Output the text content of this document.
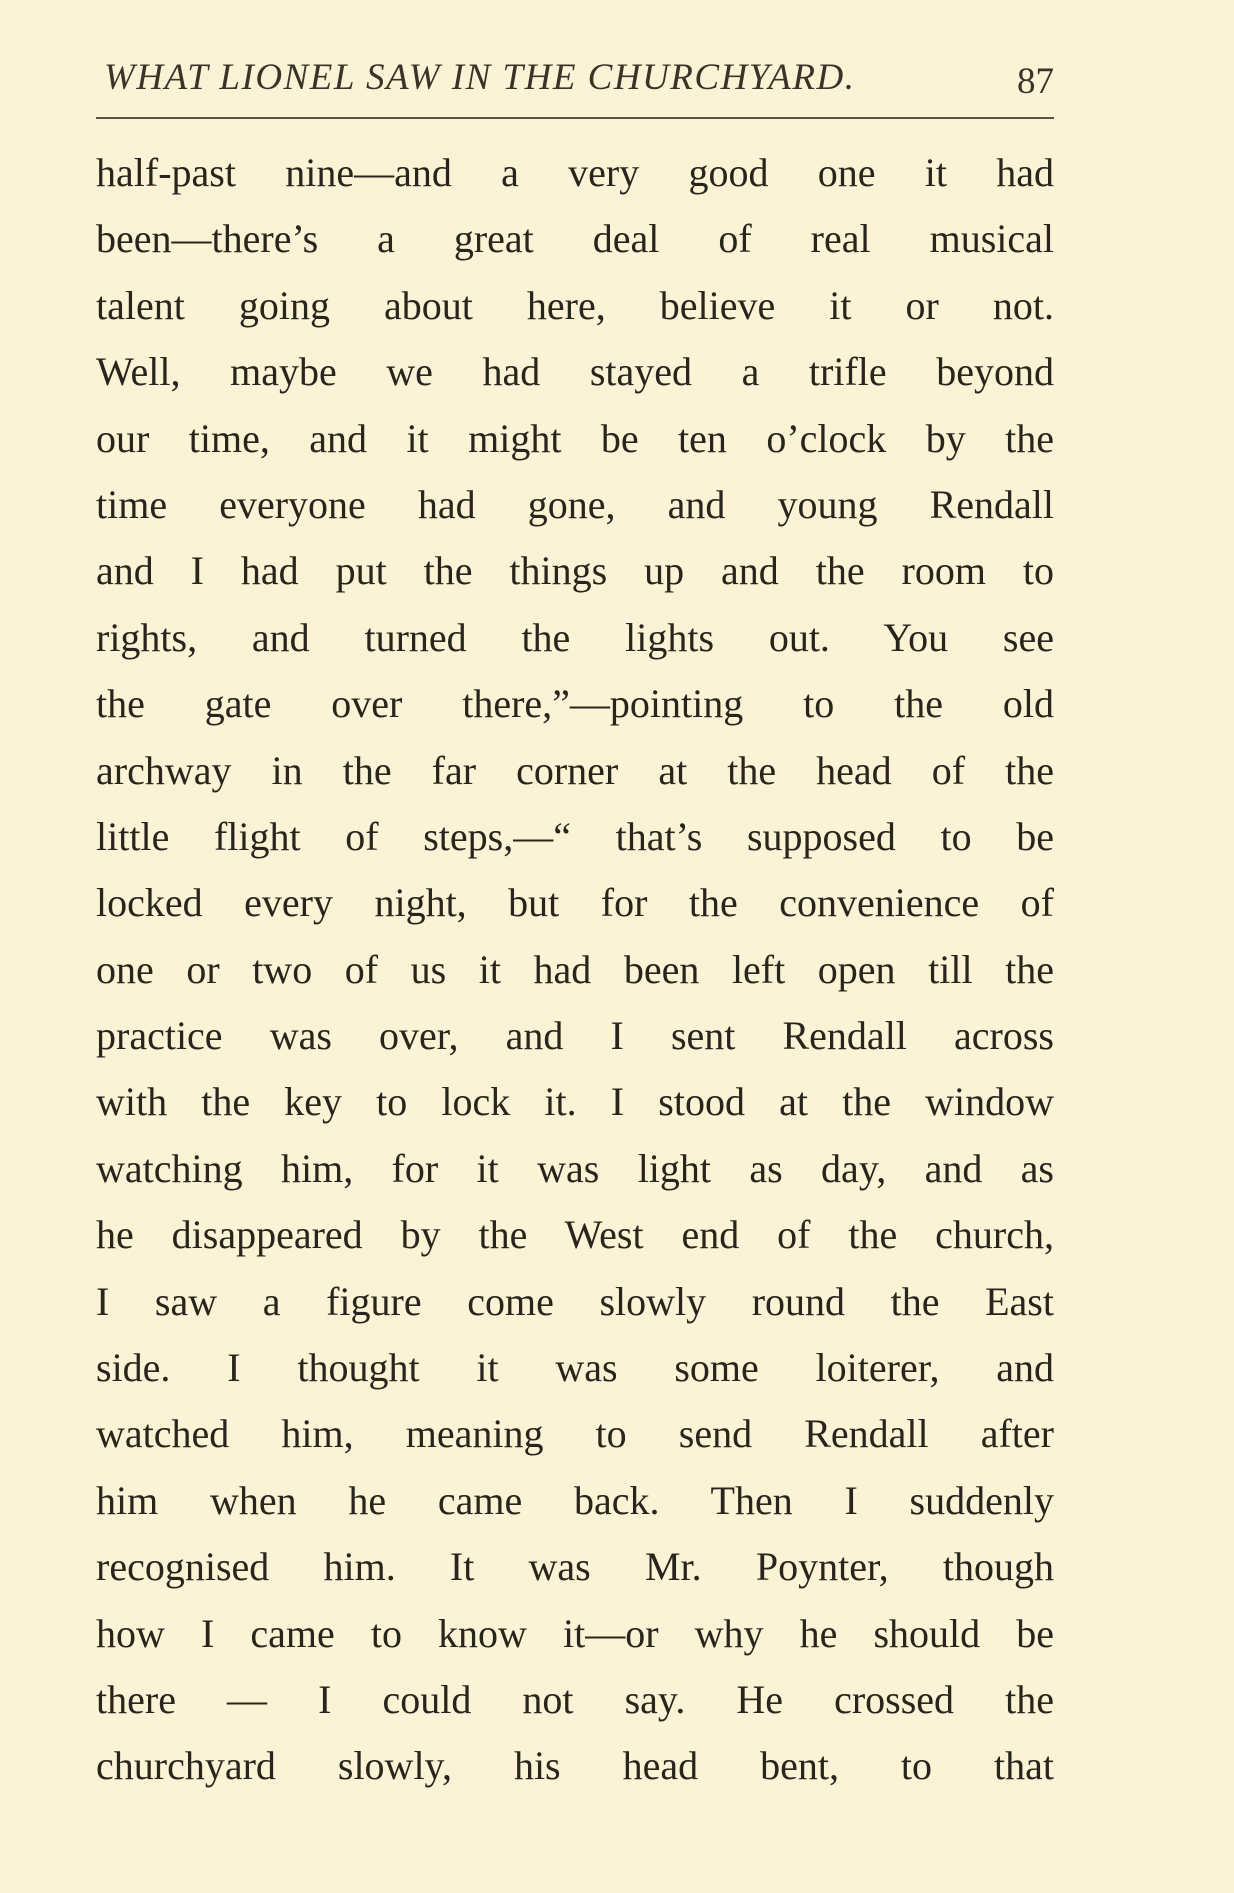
WHAT LIONEL SAW IN THE CHURCHYARD.	87
half-past nine—and a very good one it had
been—there’s a great deal of real musical
talent going about here, believe it or not.
Well, maybe we had stayed a trifle beyond
our time, and it might be ten o’clock by the
time everyone had gone, and young Rendall
and I had put the things up and the room to
rights, and turned the lights out. You see
the gate over there,”—pointing to the old
archway in the far corner at the head of the
little flight of steps,—“ that’s supposed to be
locked every night, but for the convenience of
one or two of us it had been left open till the
practice was over, and I sent Rendall across
with the key to lock it. I stood at the window
watching him, for it was light as day, and as
he disappeared by the West end of the church,
I saw a figure come slowly round the East
side. I thought it was some loiterer, and
watched him, meaning to send Rendall after
him when he came back. Then I suddenly
recognised him. It was Mr. Poynter, though
how I came to know it—or why he should be
there — I could not say. He crossed the
churchyard slowly, his head bent, to that
